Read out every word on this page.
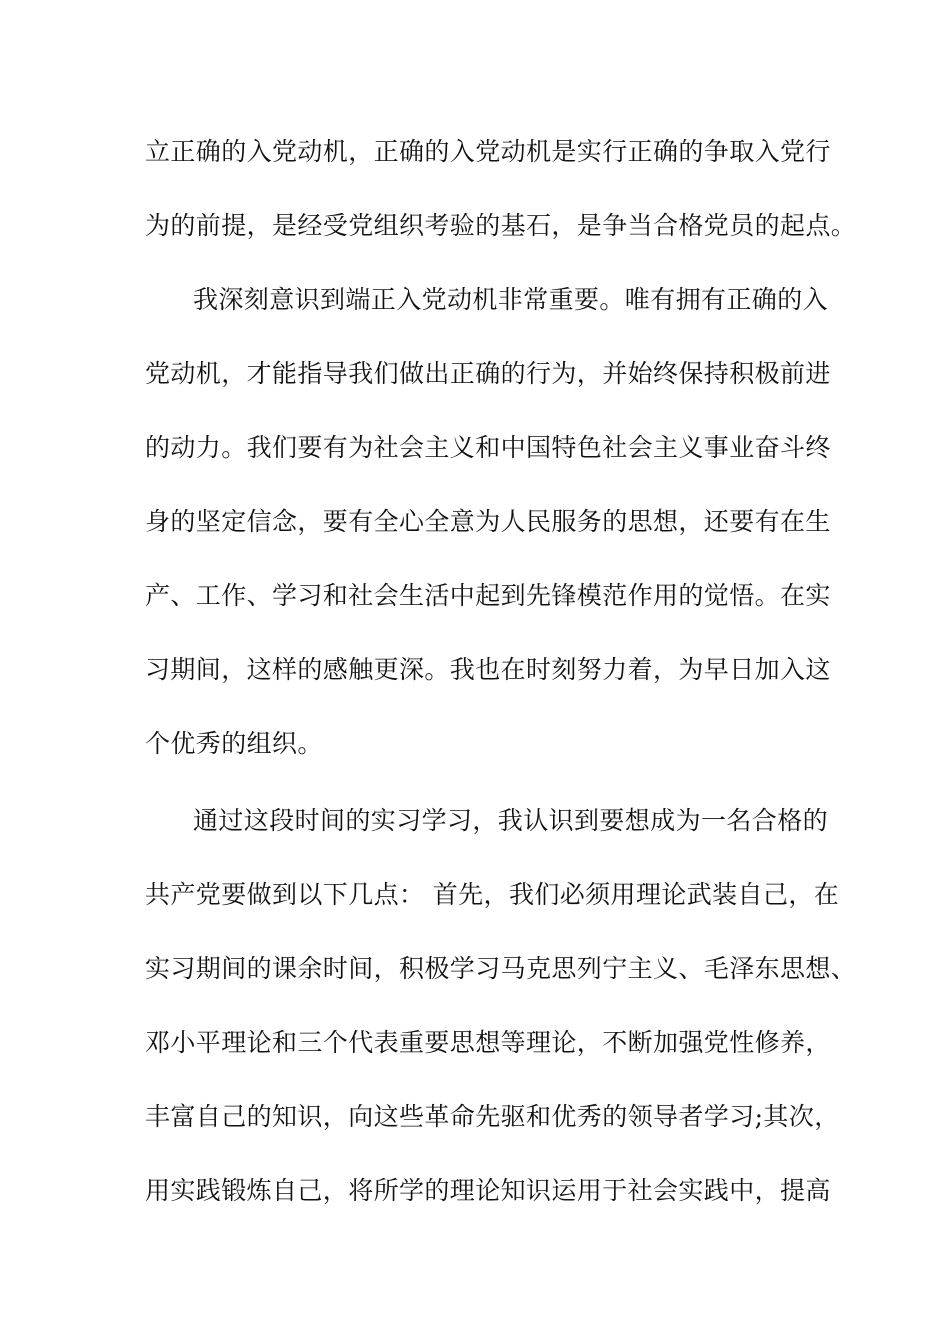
立正确的入党动机，正确的入党动机是实行正确的争取入党行
为的前提，是经受党组织考验的基石，是争当合格党员的起点。
我深刻意识到端正入党动机非常重要。唯有拥有正确的入
党动机，才能指导我们做出正确的行为，并始终保持积极前进
的动力。我们要有为社会主义和中国特色社会主义事业奋斗终
身的坚定信念，要有全心全意为人民服务的思想，还要有在生
产、工作、学习和社会生活中起到先锋模范作用的觉悟。在实
习期间，这样的感触更深。我也在时刻努力着，为早日加入这
个优秀的组织。
通过这段时间的实习学习，我认识到要想成为一名合格的
共产党要做到以下几点： 首先，我们必须用理论武装自己，在
实习期间的课余时间，积极学习马克思列宁主义、毛泽东思想、
邓小平理论和三个代表重要思想等理论，不断加强党性修养，
丰富自己的知识，向这些革命先驱和优秀的领导者学习;其次，
用实践锻炼自己，将所学的理论知识运用于社会实践中，提高
